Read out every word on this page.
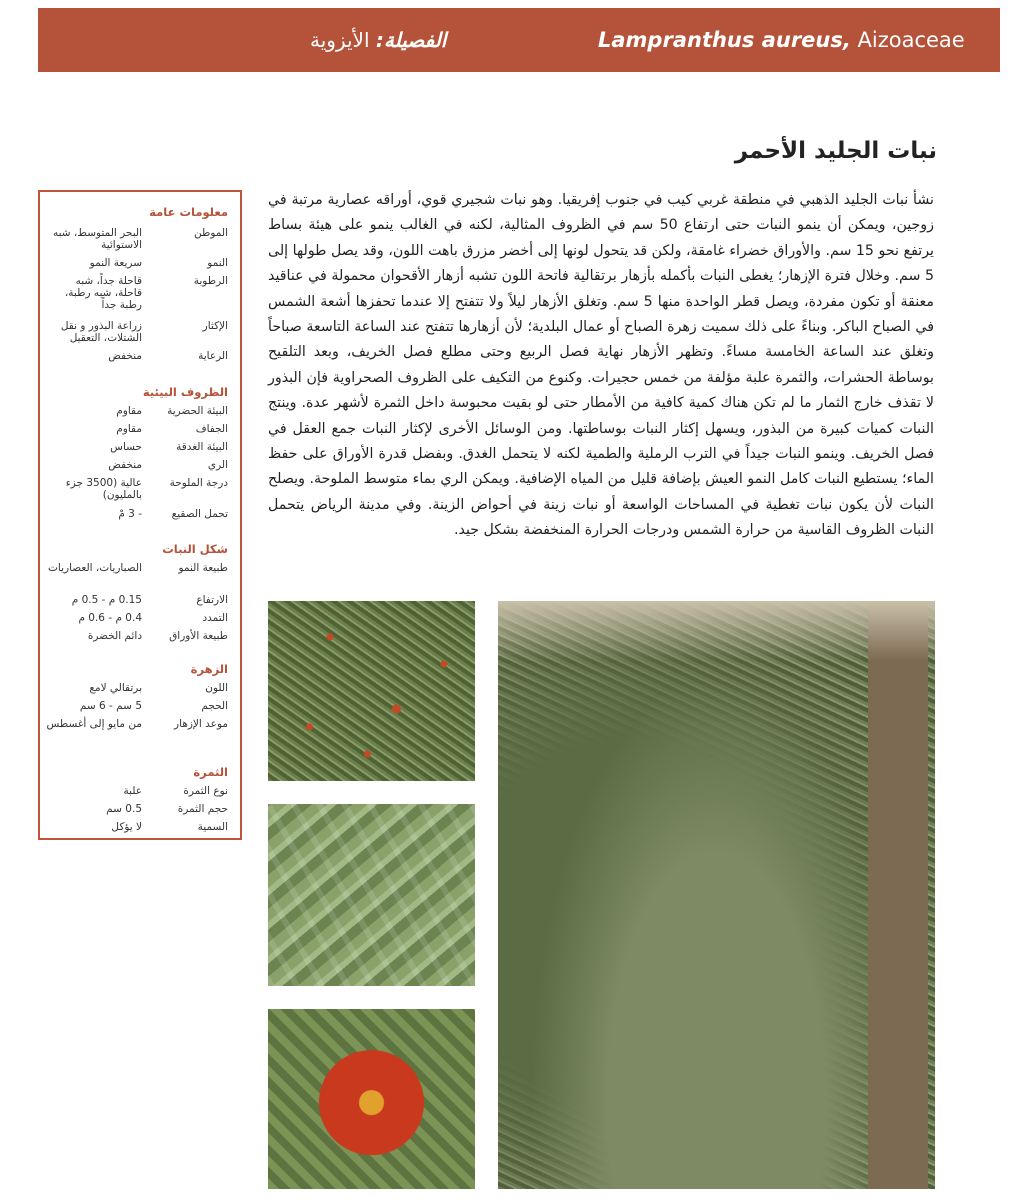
Lampranthus aureus, Aizoaceae
الفصيلة: الأيزوية
نبات الجليد الأحمر

نشأ نبات الجليد الذهبي في منطقة غربي كيب في جنوب إفريقيا. وهو نبات شجيري قوي، أوراقه عصارية مرتبة في زوجين، ويمكن أن ينمو النبات حتى ارتفاع 50 سم في الظروف المثالية، لكنه في الغالب ينمو على هيئة بساط يرتفع نحو 15 سم. والأوراق خضراء غامقة، ولكن قد يتحول لونها إلى أخضر مزرق باهت اللون، وقد يصل طولها إلى 5 سم. وخلال فترة الإزهار؛ يغطى النبات بأكمله بأزهار برتقالية فاتحة اللون تشبه أزهار الأقحوان محمولة في عناقيد معنقة أو تكون مفردة، ويصل قطر الواحدة منها 5 سم. وتغلق الأزهار ليلاً ولا تتفتح إلا عندما تحفزها أشعة الشمس في الصباح الباكر. وبناءً على ذلك سميت زهرة الصباح أو عمال البلدية؛ لأن أزهارها تتفتح عند الساعة التاسعة صباحاً وتغلق عند الساعة الخامسة مساءً. وتظهر الأزهار نهاية فصل الربيع وحتى مطلع فصل الخريف، وبعد التلقيح بوساطة الحشرات، والثمرة علبة مؤلفة من خمس حجيرات. وكنوع من التكيف على الظروف الصحراوية فإن البذور لا تقذف خارج الثمار ما لم تكن هناك كمية كافية من الأمطار حتى لو بقيت محبوسة داخل الثمرة لأشهر عدة. وينتج النبات كميات كبيرة من البذور، ويسهل إكثار النبات بوساطتها. ومن الوسائل الأخرى لإكثار النبات جمع العقل في فصل الخريف. وينمو النبات جيداً في الترب الرملية والطمية لكنه لا يتحمل الغدق. وبفضل قدرة الأوراق على حفظ الماء؛ يستطيع النبات كامل النمو العيش بإضافة قليل من المياه الإضافية. ويمكن الري بماء متوسط الملوحة. ويصلح النبات لأن يكون نبات تغطية في المساحات الواسعة أو نبات زينة في أحواض الزينة. وفي مدينة الرياض يتحمل النبات الظروف القاسية من حرارة الشمس ودرجات الحرارة المنخفضة بشكل جيد.

معلومات عامة
الموطن
البحر المتوسط، شبه الاستوائية
النمو
سريعة النمو
الرطوبة
قاحلة جداً، شبه قاحلة، شبه رطبة، رطبة جداً
الإكثار
زراعة البذور و نقل الشتلات، التعقيل
الرعاية
منخفض
الظروف البيئية
البيئة الحضرية
مقاوم
الجفاف
مقاوم
البيئة الغدقة
حساس
الري
منخفض
درجة الملوحة
عالية (3500 جزء بالمليون)
تحمل الصقيع
- 3 مْ
شكل النبات
طبيعة النمو
الصباريات، العصاريات
الارتفاع
0.15 م - 0.5 م
التمدد
0.4 م - 0.6 م
طبيعة الأوراق
دائم الخضرة
الزهرة
اللون
برتقالي لامع
الحجم
5 سم - 6 سم
موعد الإزهار
من مايو إلى أغسطس
الثمرة
نوع الثمرة
علبة
حجم الثمرة
0.5 سم
السمية
لا يؤكل
